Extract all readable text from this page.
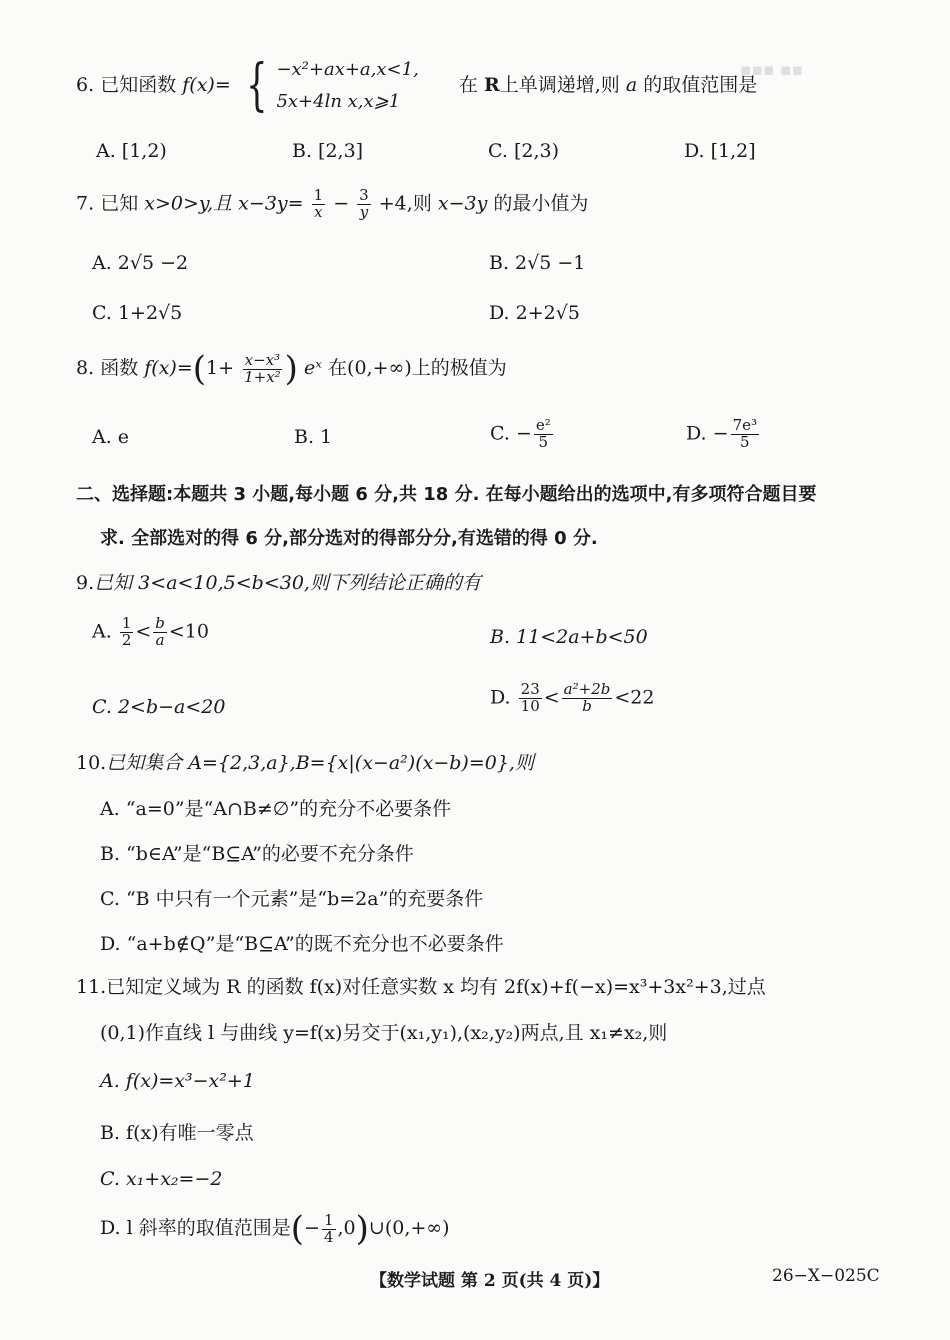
▪▪▪ ▪▪
6. 已知函数 f(x)= { −x²+ax+a,x<1,
5x+4ln x,x⩾1
在 R上单调递增,则 a 的取值范围是
A. [1,2)	B. [2,3]	C. [2,3)	D. [1,2]
7. 已知 x>0>y,且 $x-3y= \frac{1}{x} - \frac{3}{y} +4$,则 x−3y 的最小值为
A. 2√5 −2	B. 2√5 −1
C. 1+2√5	D. 2+2√5
8. 函数 $f(x)=(1+ \frac{\text{x−x³}}{\text{1+x²}}$ ) eˣ 在(0,+∞)上的极值为
A. e	B. 1	C. − $\frac{\text{e²}}{5}$	D. − $\frac{\text{7e³}}{5}$
二、选择题:本题共 3 小题,每小题 6 分,共 18 分. 在每小题给出的选项中,有多项符合题目要
求. 全部选对的得 6 分,部分选对的得部分分,有选错的得 0 分.
9.已知 3<a<10,5<b<30,则下列结论正确的有
A. $\frac{1}{2} < \frac{b}{a} <10$	B. 11<2a+b<50
C. 2<b−a<20	D. $\frac{23}{10} < \frac{\text{a²+2b}}{b} <22$
10.已知集合 A={2,3,a},B={x|(x−a²)(x−b)=0},则
A. “a=0”是“A∩B≠∅”的充分不必要条件
B. “b∈A”是“B⊆A”的必要不充分条件
C. “B 中只有一个元素”是“b=2a”的充要条件
D. “a+b∉Q”是“B⊆A”的既不充分也不必要条件
11.已知定义域为 R 的函数 f(x)对任意实数 x 均有 2f(x)+f(−x)=x³+3x²+3,过点
(0,1)作直线 l 与曲线 y=f(x)另交于(x₁,y₁),(x₂,y₂)两点,且 x₁≠x₂,则
A. f(x)=x³−x²+1
B. f(x)有唯一零点
C. x₁+x₂=−2
D. l 斜率的取值范围是(− $\frac{1}{4}$ ,0)∪(0,+∞)
【数学试题 第 2 页(共 4 页)】	26−X−025C
